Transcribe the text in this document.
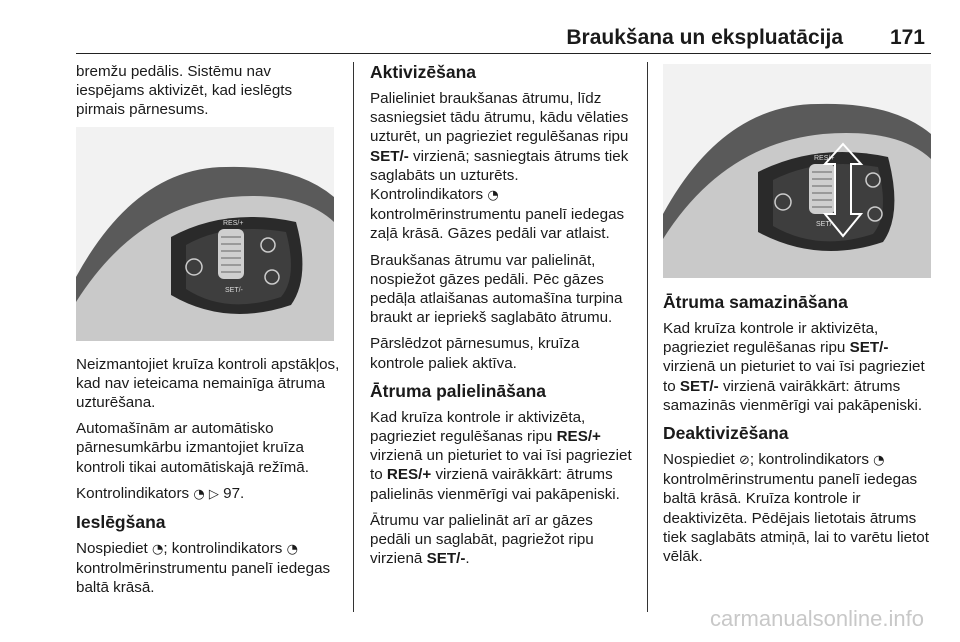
Braukšana un ekspluatācija 171

bremžu pedālis. Sistēmu nav iespējams aktivizēt, kad ieslēgts pirmais pārnesums.

RES/+
SET/-

Neizmantojiet kruīza kontroli apstākļos, kad nav ieteicama nemainīga ātruma uzturēšana.

Automašīnām ar automātisko pārnesumkārbu izmantojiet kruīza kontroli tikai automātiskajā režīmā.

Kontrolindikators ◔ ▷ 97.

Ieslēgšana

Nospiediet ◔; kontrolindikators ◔ kontrolmērinstrumentu panelī iedegas baltā krāsā.

Aktivizēšana

Palieliniet braukšanas ātrumu, līdz sasniegsiet tādu ātrumu, kādu vēlaties uzturēt, un pagrieziet regulēšanas ripu SET/- virzienā; sasniegtais ātrums tiek saglabāts un uzturēts. Kontrolindikators ◔ kontrolmērinstrumentu panelī iedegas zaļā krāsā. Gāzes pedāli var atlaist.

Braukšanas ātrumu var palielināt, nospiežot gāzes pedāli. Pēc gāzes pedāļa atlaišanas automašīna turpina braukt ar iepriekš saglabāto ātrumu.

Pārslēdzot pārnesumus, kruīza kontrole paliek aktīva.

Ātruma palielināšana

Kad kruīza kontrole ir aktivizēta, pagrieziet regulēšanas ripu RES/+ virzienā un pieturiet to vai īsi pagrieziet to RES/+ virzienā vairākkārt: ātrums palielinās vienmērīgi vai pakāpeniski.

Ātrumu var palielināt arī ar gāzes pedāli un saglabāt, pagriežot ripu virzienā SET/-.

RES/+
SET/-
Ātruma samazināšana

Kad kruīza kontrole ir aktivizēta, pagrieziet regulēšanas ripu SET/- virzienā un pieturiet to vai īsi pagrieziet to SET/- virzienā vairākkārt: ātrums samazinās vienmērīgi vai pakāpeniski.

Deaktivizēšana

Nospiediet ⊘; kontrolindikators ◔ kontrolmērinstrumentu panelī iedegas baltā krāsā. Kruīza kontrole ir deaktivizēta. Pēdējais lietotais ātrums tiek saglabāts atmiņā, lai to varētu lietot vēlāk.

carmanualsonline.info
